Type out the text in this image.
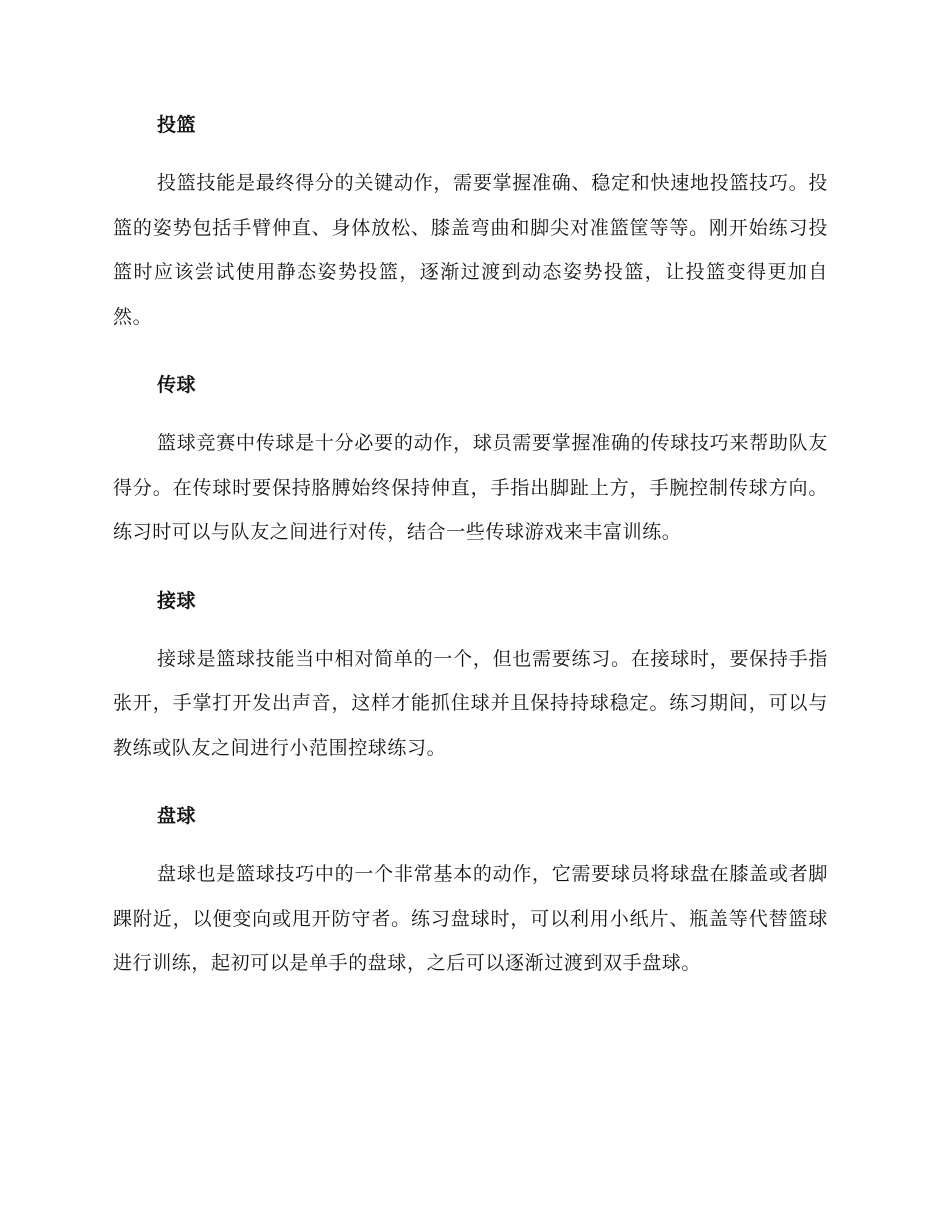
投篮

投篮技能是最终得分的关键动作，需要掌握准确、稳定和快速地投篮技巧。投篮的姿势包括手臂伸直、身体放松、膝盖弯曲和脚尖对准篮筐等等。刚开始练习投篮时应该尝试使用静态姿势投篮，逐渐过渡到动态姿势投篮，让投篮变得更加自然。

传球

篮球竞赛中传球是十分必要的动作，球员需要掌握准确的传球技巧来帮助队友得分。在传球时要保持胳膊始终保持伸直，手指出脚趾上方，手腕控制传球方向。练习时可以与队友之间进行对传，结合一些传球游戏来丰富训练。

接球

接球是篮球技能当中相对简单的一个，但也需要练习。在接球时，要保持手指张开，手掌打开发出声音，这样才能抓住球并且保持持球稳定。练习期间，可以与教练或队友之间进行小范围控球练习。

盘球

盘球也是篮球技巧中的一个非常基本的动作，它需要球员将球盘在膝盖或者脚踝附近，以便变向或甩开防守者。练习盘球时，可以利用小纸片、瓶盖等代替篮球进行训练，起初可以是单手的盘球，之后可以逐渐过渡到双手盘球。
